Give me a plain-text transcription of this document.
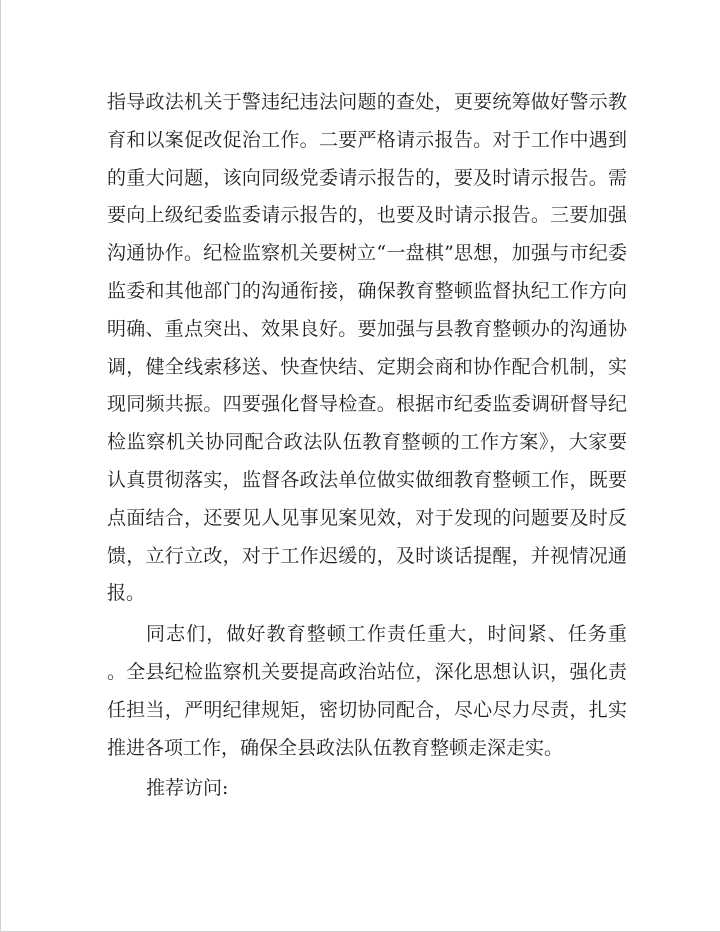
指导政法机关于警违纪违法问题的查处，更要统筹做好警示教
育和以案促改促治工作。二要严格请示报告。对于工作中遇到
的重大问题，该向同级党委请示报告的，要及时请示报告。需
要向上级纪委监委请示报告的，也要及时请示报告。三要加强
沟通协作。纪检监察机关要树立“一盘棋”思想，加强与市纪委
监委和其他部门的沟通衔接，确保教育整顿监督执纪工作方向
明确、重点突出、效果良好。要加强与县教育整顿办的沟通协
调，健全线索移送、快查快结、定期会商和协作配合机制，实
现同频共振。四要强化督导检查。根据市纪委监委调研督导纪
检监察机关协同配合政法队伍教育整顿的工作方案》，大家要
认真贯彻落实，监督各政法单位做实做细教育整顿工作，既要
点面结合，还要见人见事见案见效，对于发现的问题要及时反
馈，立行立改，对于工作迟缓的，及时谈话提醒，并视情况通
报。
同志们，做好教育整顿工作责任重大，时间紧、任务重
。全县纪检监察机关要提高政治站位，深化思想认识，强化责
任担当，严明纪律规矩，密切协同配合，尽心尽力尽责，扎实
推进各项工作，确保全县政法队伍教育整顿走深走实。
推荐访问:
